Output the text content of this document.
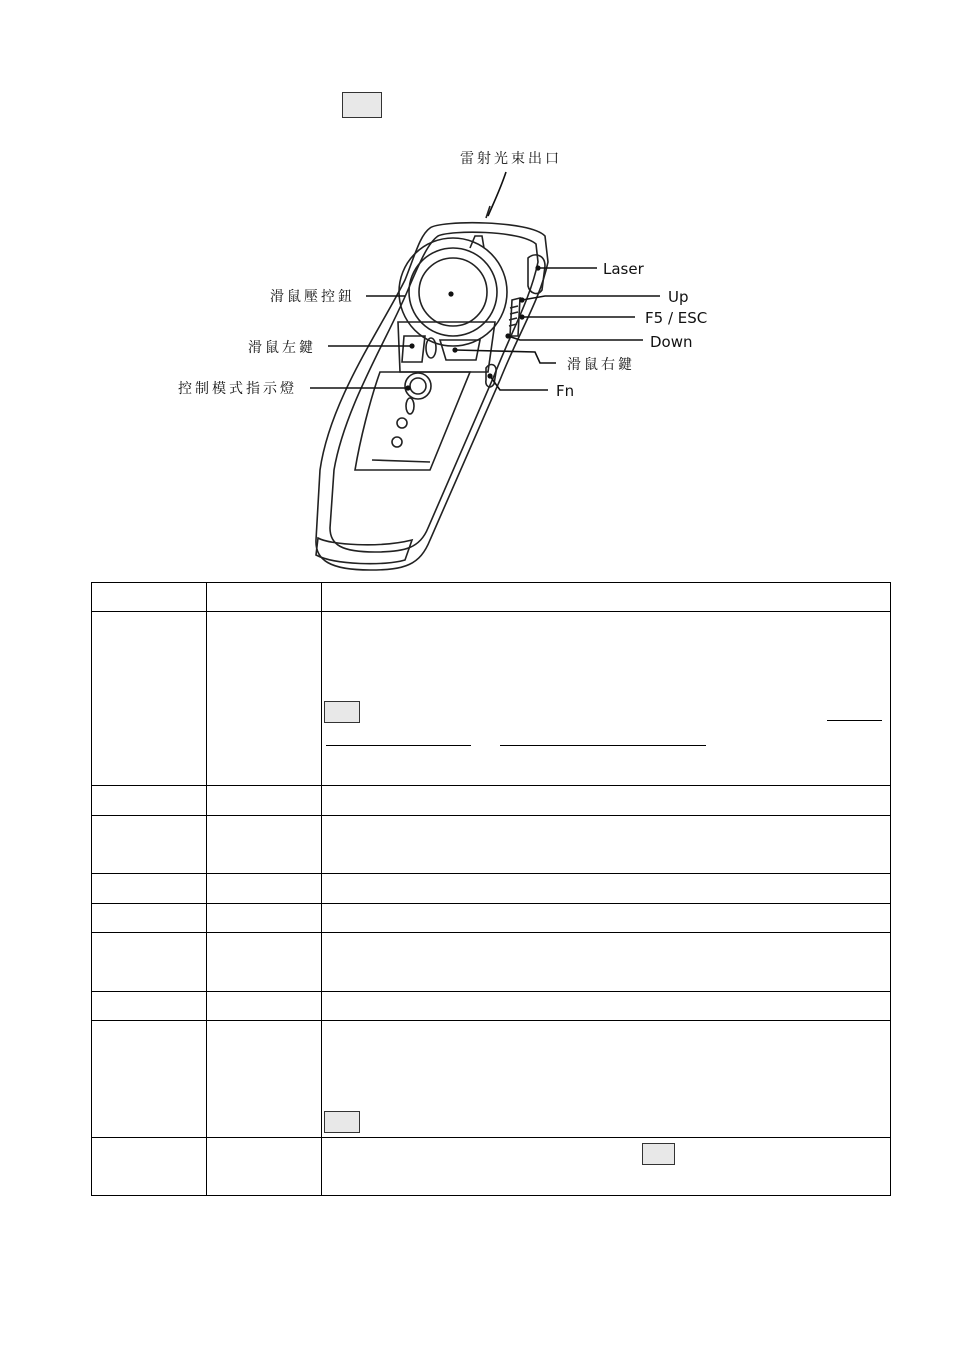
雷射光束出口
滑鼠壓控鈕
滑鼠左鍵
控制模式指示燈
Laser
Up
F5 / ESC
Down
滑鼠右鍵
Fn
